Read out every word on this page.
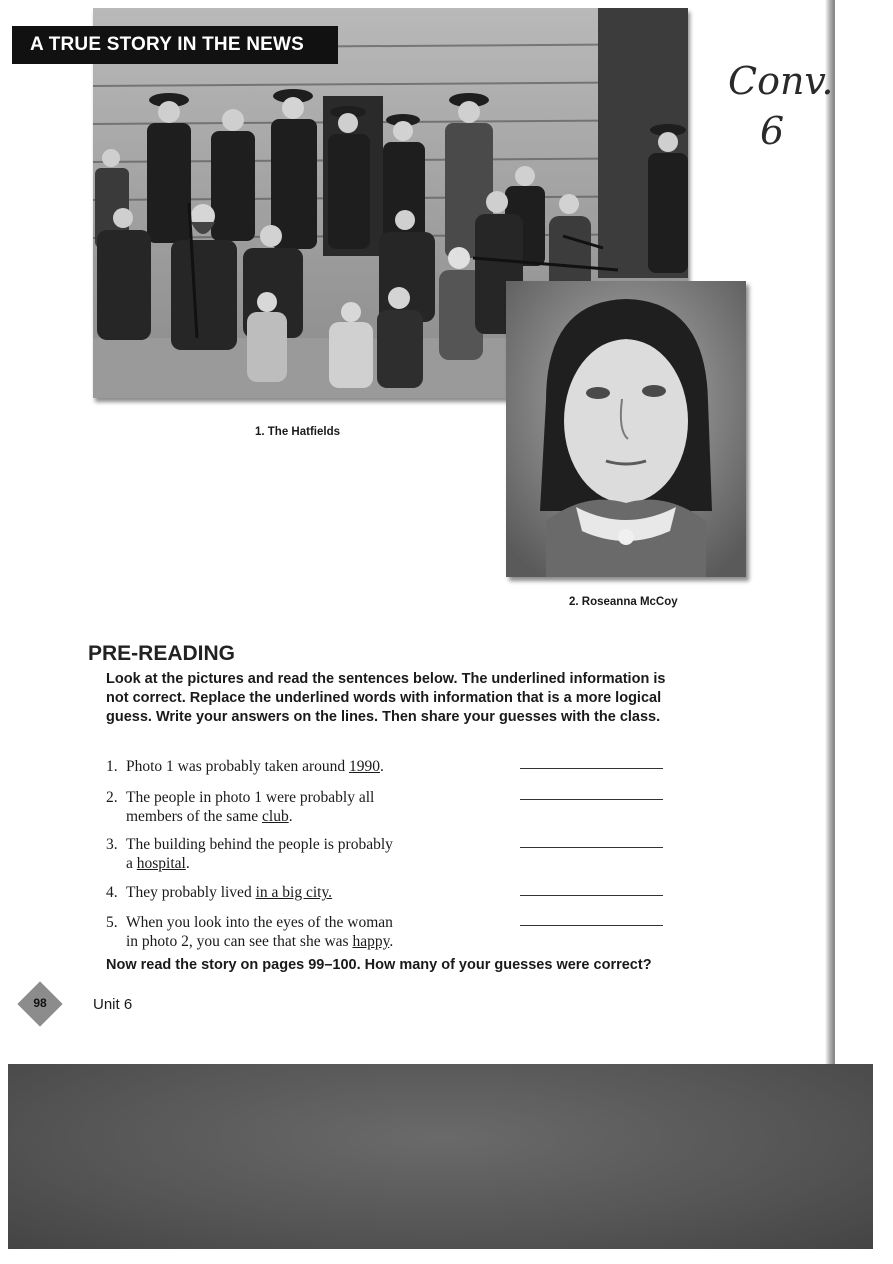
A TRUE STORY IN THE NEWS
1. The Hatfields
2. Roseanna McCoy
Conv.
6
PRE-READING
Look at the pictures and read the sentences below. The underlined information is not correct. Replace the underlined words with information that is a more logical guess. Write your answers on the lines. Then share your guesses with the class.
1. Photo 1 was probably taken around 1990.
2. The people in photo 1 were probably all
members of the same club.
3. The building behind the people is probably
a hospital.
4. They probably lived in a big city.
5. When you look into the eyes of the woman
in photo 2, you can see that she was happy.
Now read the story on pages 99–100. How many of your guesses were correct?
98	Unit 6
